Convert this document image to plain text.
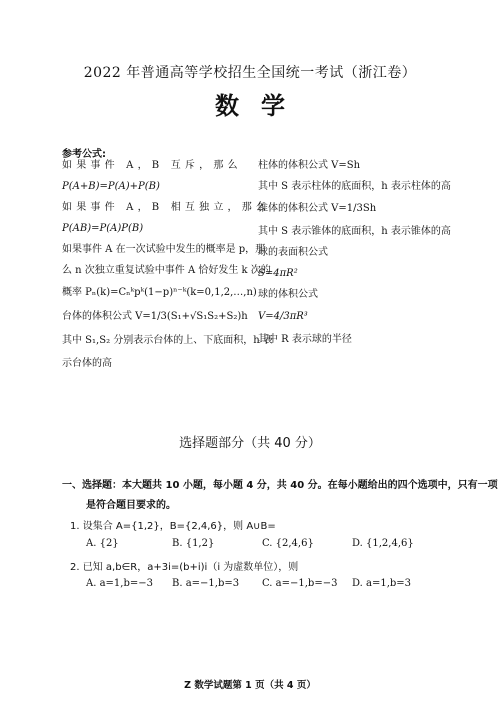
2022 年普通高等学校招生全国统一考试（浙江卷）
数学
参考公式:
如果事件 A，B 互斥，那么
P(A+B)=P(A)+P(B)
如果事件 A，B 相互独立，那么
P(AB)=P(A)P(B)
如果事件 A 在一次试验中发生的概率是 p，那
么 n 次独立重复试验中事件 A 恰好发生 k 次的
概率 Pₙ(k)=Cₙᵏpᵏ(1−p)ⁿ⁻ᵏ(k=0,1,2,…,n)
台体的体积公式 V=1/3(S₁+√S₁S₂+S₂)h
其中 S₁,S₂ 分别表示台体的上、下底面积，h 表
示台体的高
柱体的体积公式 V=Sh
其中 S 表示柱体的底面积，h 表示柱体的高
锥体的体积公式 V=1/3Sh
其中 S 表示锥体的底面积，h 表示锥体的高
球的表面积公式
S=4πR²
球的体积公式
V=4/3πR³
其中 R 表示球的半径
选择题部分（共 40 分）
一、选择题：本大题共 10 小题，每小题 4 分，共 40 分。在每小题给出的四个选项中，只有一项
是符合题目要求的。
1. 设集合 A={1,2}，B={2,4,6}，则 A∪B=
A. {2}	B. {1,2}	C. {2,4,6}	D. {1,2,4,6}
2. 已知 a,b∈R，a+3i=(b+i)i（i 为虚数单位），则
A. a=1,b=−3 B. a=−1,b=3 C. a=−1,b=−3 D. a=1,b=3
Z 数学试题第 1 页（共 4 页）
